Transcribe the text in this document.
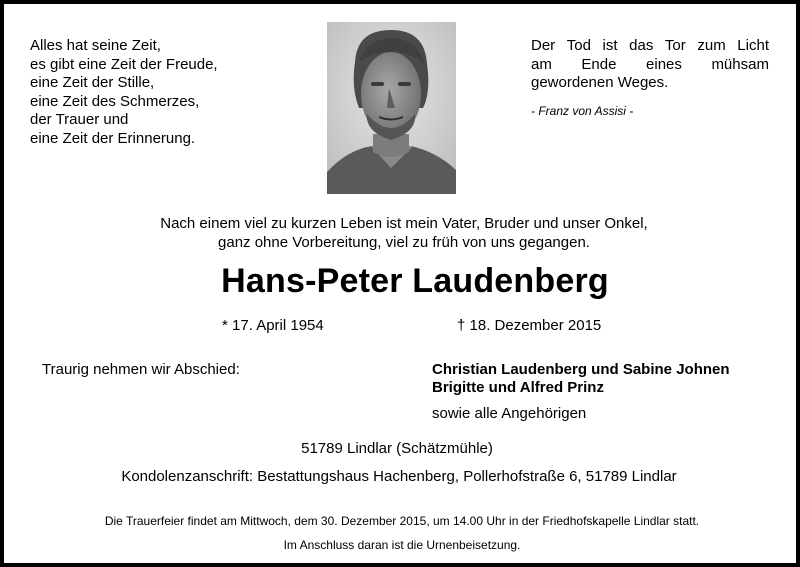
Alles hat seine Zeit,
es gibt eine Zeit der Freude,
eine Zeit der Stille,
eine Zeit des Schmerzes,
der Trauer und
eine Zeit der Erinnerung.
Der Tod ist das Tor zum Licht
am Ende eines mühsam
gewordenen Weges.
- Franz von Assisi -
Nach einem viel zu kurzen Leben ist mein Vater, Bruder und unser Onkel,
ganz ohne Vorbereitung, viel zu früh von uns gegangen.
Hans-Peter Laudenberg
* 17. April 1954	† 18. Dezember 2015
Traurig nehmen wir Abschied:	Christian Laudenberg und Sabine Johnen
Brigitte und Alfred Prinz
sowie alle Angehörigen
51789 Lindlar (Schätzmühle)
Kondolenzanschrift: Bestattungshaus Hachenberg, Pollerhofstraße 6, 51789 Lindlar
Die Trauerfeier findet am Mittwoch, dem 30. Dezember 2015, um 14.00 Uhr in der Friedhofskapelle Lindlar statt.
Im Anschluss daran ist die Urnenbeisetzung.
